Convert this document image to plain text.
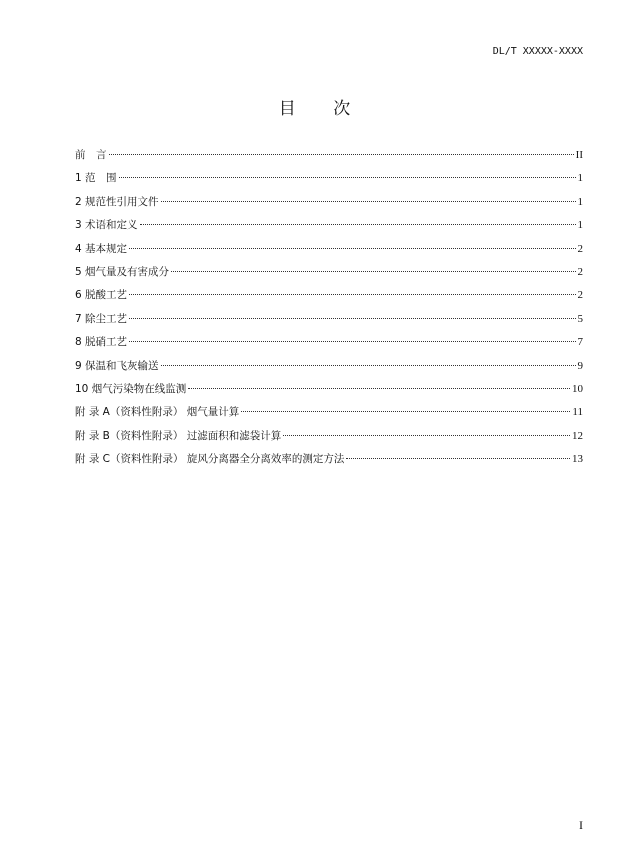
DL/T XXXXX-XXXX
目 次
前　言	II
1 范　围	1
2 规范性引用文件	1
3 术语和定义	1
4 基本规定	2
5 烟气量及有害成分	2
6 脱酸工艺	2
7 除尘工艺	5
8 脱硝工艺	7
9 保温和飞灰输送	9
10 烟气污染物在线监测	10
附 录 A（资料性附录） 烟气量计算	11
附 录 B（资料性附录） 过滤面积和滤袋计算	12
附 录 C（资料性附录） 旋风分离器全分离效率的测定方法	13
I
